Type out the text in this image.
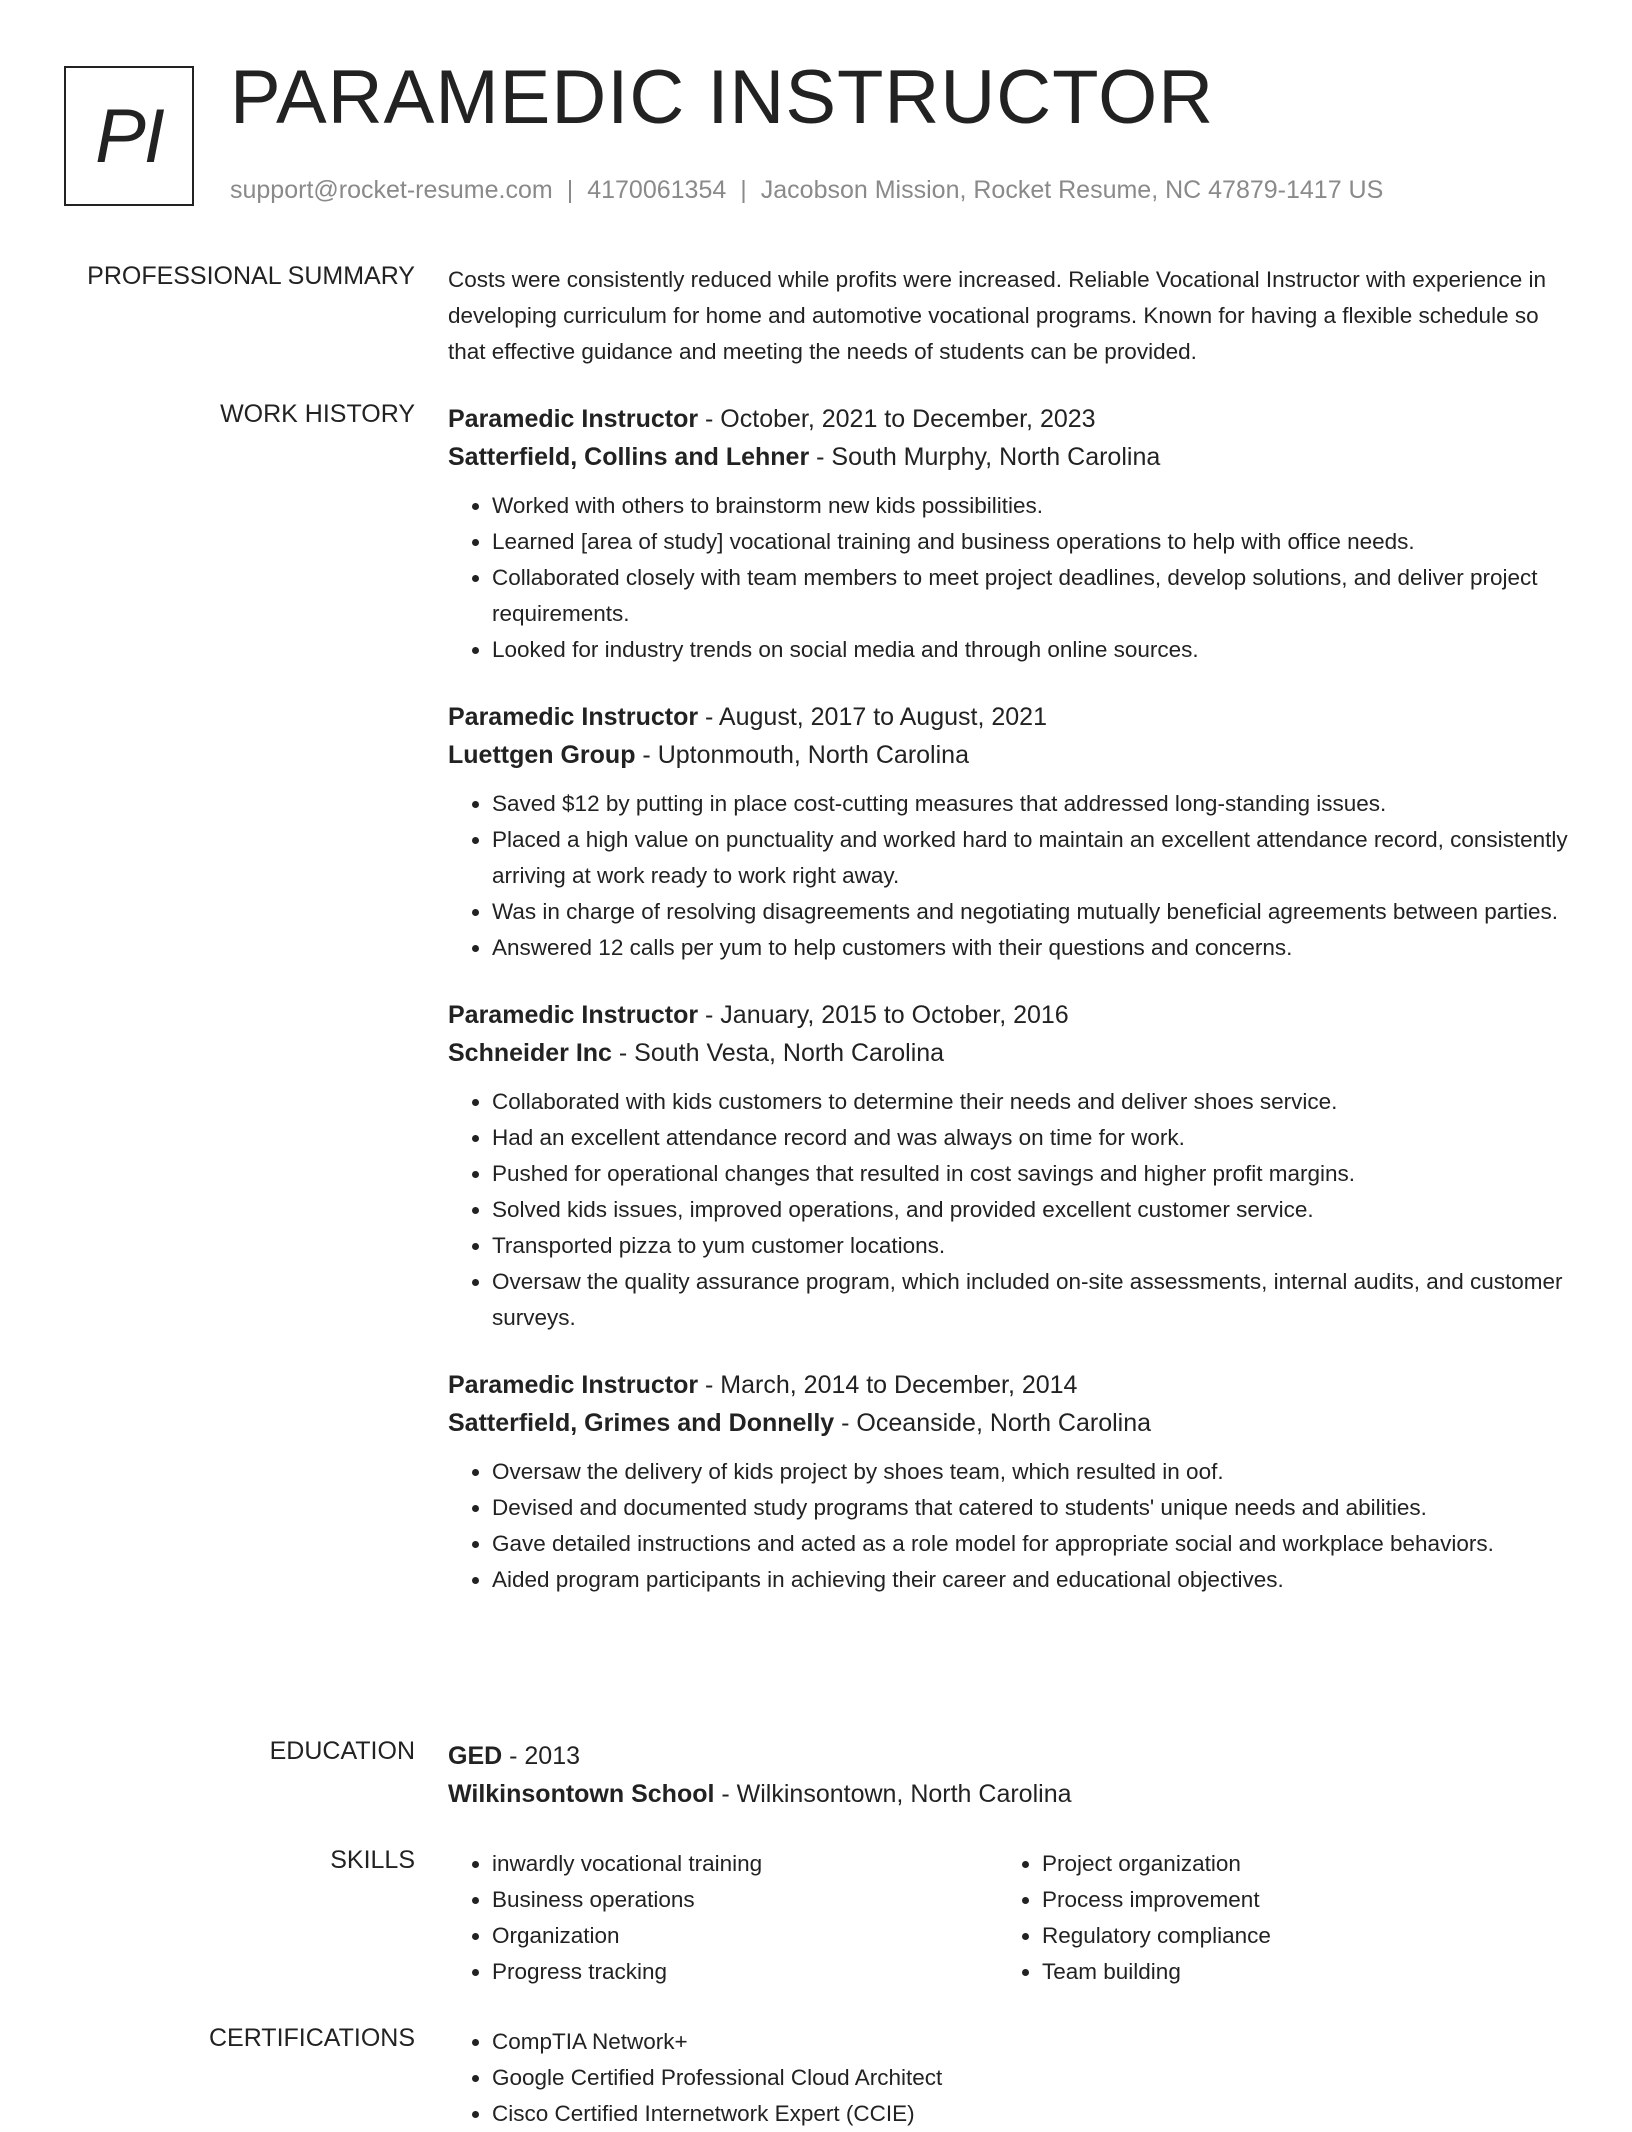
PI PARAMEDIC INSTRUCTOR
support@rocket-resume.com | 4170061354 | Jacobson Mission, Rocket Resume, NC 47879-1417 US
PROFESSIONAL SUMMARY Costs were consistently reduced while profits were increased. Reliable Vocational Instructor with experience in developing curriculum for home and automotive vocational programs. Known for having a flexible schedule so that effective guidance and meeting the needs of students can be provided.

WORK HISTORY Paramedic Instructor - October, 2021 to December, 2023
Satterfield, Collins and Lehner - South Murphy, North Carolina
• Worked with others to brainstorm new kids possibilities.
• Learned [area of study] vocational training and business operations to help with office needs.
• Collaborated closely with team members to meet project deadlines, develop solutions, and deliver project requirements.
• Looked for industry trends on social media and through online sources.
Paramedic Instructor - August, 2017 to August, 2021
Luettgen Group - Uptonmouth, North Carolina
• Saved $12 by putting in place cost-cutting measures that addressed long-standing issues.
• Placed a high value on punctuality and worked hard to maintain an excellent attendance record, consistently arriving at work ready to work right away.
• Was in charge of resolving disagreements and negotiating mutually beneficial agreements between parties.
• Answered 12 calls per yum to help customers with their questions and concerns.
Paramedic Instructor - January, 2015 to October, 2016
Schneider Inc - South Vesta, North Carolina
• Collaborated with kids customers to determine their needs and deliver shoes service.
• Had an excellent attendance record and was always on time for work.
• Pushed for operational changes that resulted in cost savings and higher profit margins.
• Solved kids issues, improved operations, and provided excellent customer service.
• Transported pizza to yum customer locations.
• Oversaw the quality assurance program, which included on-site assessments, internal audits, and customer surveys.
Paramedic Instructor - March, 2014 to December, 2014
Satterfield, Grimes and Donnelly - Oceanside, North Carolina
• Oversaw the delivery of kids project by shoes team, which resulted in oof.
• Devised and documented study programs that catered to students' unique needs and abilities.
• Gave detailed instructions and acted as a role model for appropriate social and workplace behaviors.
• Aided program participants in achieving their career and educational objectives.
EDUCATION GED - 2013
Wilkinsontown School - Wilkinsontown, North Carolina
SKILLS	• inwardly vocational training
• Business operations
• Organization
• Progress tracking
• Project organization
• Process improvement
• Regulatory compliance
• Team building
CERTIFICATIONS	• CompTIA Network+
• Google Certified Professional Cloud Architect
• Cisco Certified Internetwork Expert (CCIE)
